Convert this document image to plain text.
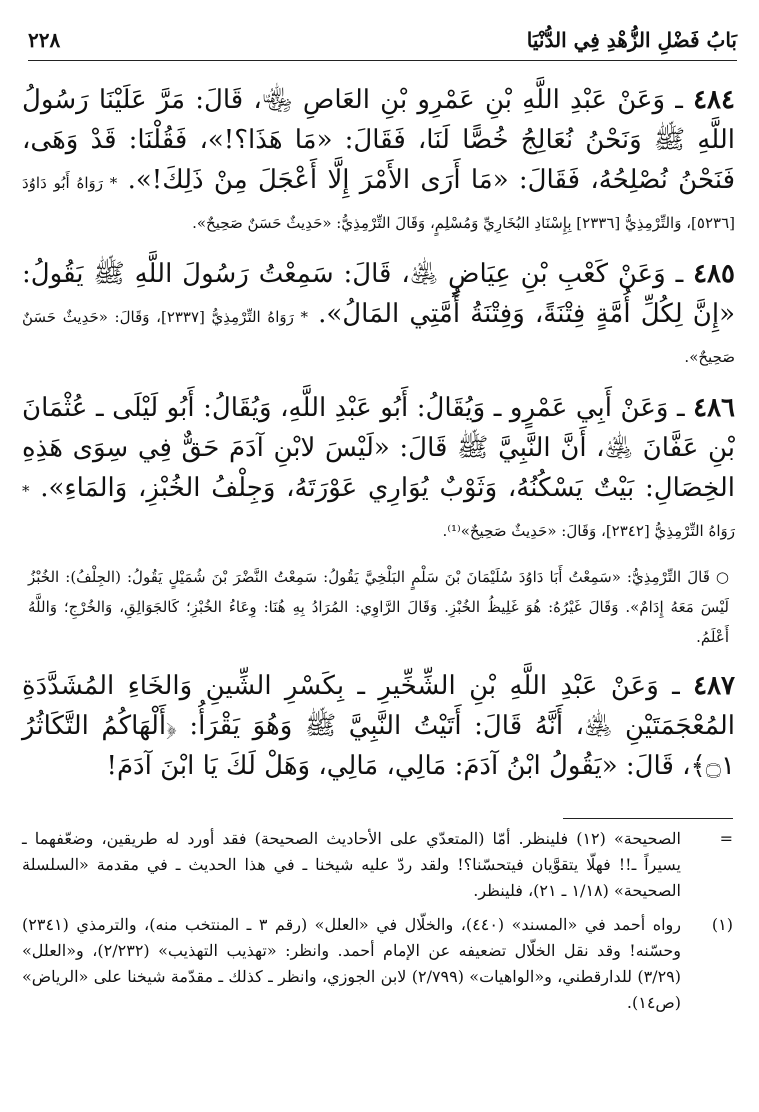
بَابُ فَضْلِ الزُّهْدِ فِي الدُّنْيَا
٢٢٨
٤٨٤ ـ وَعَنْ عَبْدِ اللَّهِ بْنِ عَمْرِو بْنِ العَاصِ ﵄، قَالَ: مَرَّ عَلَيْنَا رَسُولُ اللَّهِ ﷺ وَنَحْنُ نُعَالِجُ خُصًّا لَنَا، فَقَالَ: «مَا هَذَا؟!»، فَقُلْنَا: قَدْ وَهَى، فَنَحْنُ نُصْلِحُهُ، فَقَالَ: «مَا أَرَى الأَمْرَ إِلَّا أَعْجَلَ مِنْ ذَلِكَ!». * رَوَاهُ أَبُو دَاوُدَ [٥٢٣٦]، وَالتِّرْمِذِيُّ [٢٣٣٦] بِإِسْنَادِ البُخَارِيِّ وَمُسْلِمٍ، وَقَالَ التِّرْمِذِيُّ: «حَدِيثٌ حَسَنٌ صَحِيحٌ».
٤٨٥ ـ وَعَنْ كَعْبِ بْنِ عِيَاضٍ ﵁، قَالَ: سَمِعْتُ رَسُولَ اللَّهِ ﷺ يَقُولُ: «إِنَّ لِكُلِّ أُمَّةٍ فِتْنَةً، وَفِتْنَةُ أُمَّتِي المَالُ». * رَوَاهُ التِّرْمِذِيُّ [٢٣٣٧]، وَقَالَ: «حَدِيثٌ حَسَنٌ صَحِيحٌ».
٤٨٦ ـ وَعَنْ أَبِي عَمْرٍو ـ وَيُقَالُ: أَبُو عَبْدِ اللَّهِ، وَيُقَالُ: أَبُو لَيْلَى ـ عُثْمَانَ بْنِ عَفَّانَ ﵁، أَنَّ النَّبِيَّ ﷺ قَالَ: «لَيْسَ لابْنِ آدَمَ حَقٌّ فِي سِوَى هَذِهِ الخِصَالِ: بَيْتٌ يَسْكُنُهُ، وَثَوْبٌ يُوَارِي عَوْرَتَهُ، وَجِلْفُ الخُبْزِ، وَالمَاءِ». * رَوَاهُ التِّرْمِذِيُّ [٢٣٤٢]، وَقَالَ: «حَدِيثٌ صَحِيحٌ»⁽¹⁾.
○ قَالَ التِّرْمِذِيُّ: «سَمِعْتُ أَبَا دَاوُدَ سُلَيْمَانَ بْنَ سَلْمٍ البَلْخِيَّ يَقُولُ: سَمِعْتُ النَّضْرَ بْنَ شُمَيْلٍ يَقُولُ: (الجِلْفُ): الخُبْزُ لَيْسَ مَعَهُ إِدَامٌ». وَقَالَ غَيْرُهُ: هُوَ غَلِيظُ الخُبْزِ. وَقَالَ الرَّاوِي: المُرَادُ بِهِ هُنَا: وِعَاءُ الخُبْزِ؛ كَالجَوَالِقِ، وَالخُرْجِ؛ وَاللَّهُ أَعْلَمُ.
٤٨٧ ـ وَعَنْ عَبْدِ اللَّهِ بْنِ الشِّخِّيرِ ـ بِكَسْرِ الشِّينِ وَالخَاءِ المُشَدَّدَةِ المُعْجَمَتَيْنِ ﵁، أَنَّهُ قَالَ: أَتَيْتُ النَّبِيَّ ﷺ وَهُوَ يَقْرَأُ: ﴿أَلْهَاكُمُ التَّكَاثُرُ ۝١﴾، قَالَ: «يَقُولُ ابْنُ آدَمَ: مَالِي، مَالِي، وَهَلْ لَكَ يَا ابْنَ آدَمَ!
=
الصحيحة» (١٢) فلينظر. أمّا (المتعدّي على الأحاديث الصحيحة) فقد أورد له طريقين، وضعّفهما ـ يسيراً ـ!! فهلّا يتقوَّيان فيتحسّنا؟! ولقد ردّ عليه شيخنا ـ في هذا الحديث ـ في مقدمة «السلسلة الصحيحة» (١/١٨ ـ ٢١)، فلينظر.
(١)
رواه أحمد في «المسند» (٤٤٠)، والخلّال في «العلل» (رقم ٣ ـ المنتخب منه)، والترمذي (٢٣٤١) وحسّنه! وقد نقل الخلّال تضعيفه عن الإمام أحمد. وانظر: «تهذيب التهذيب» (٢/٢٣٢)، و«العلل» (٣/٢٩) للدارقطني، و«الواهيات» (٢/٧٩٩) لابن الجوزي، وانظر ـ كذلك ـ مقدّمة شيخنا على «الرياض» (ص١٤).
